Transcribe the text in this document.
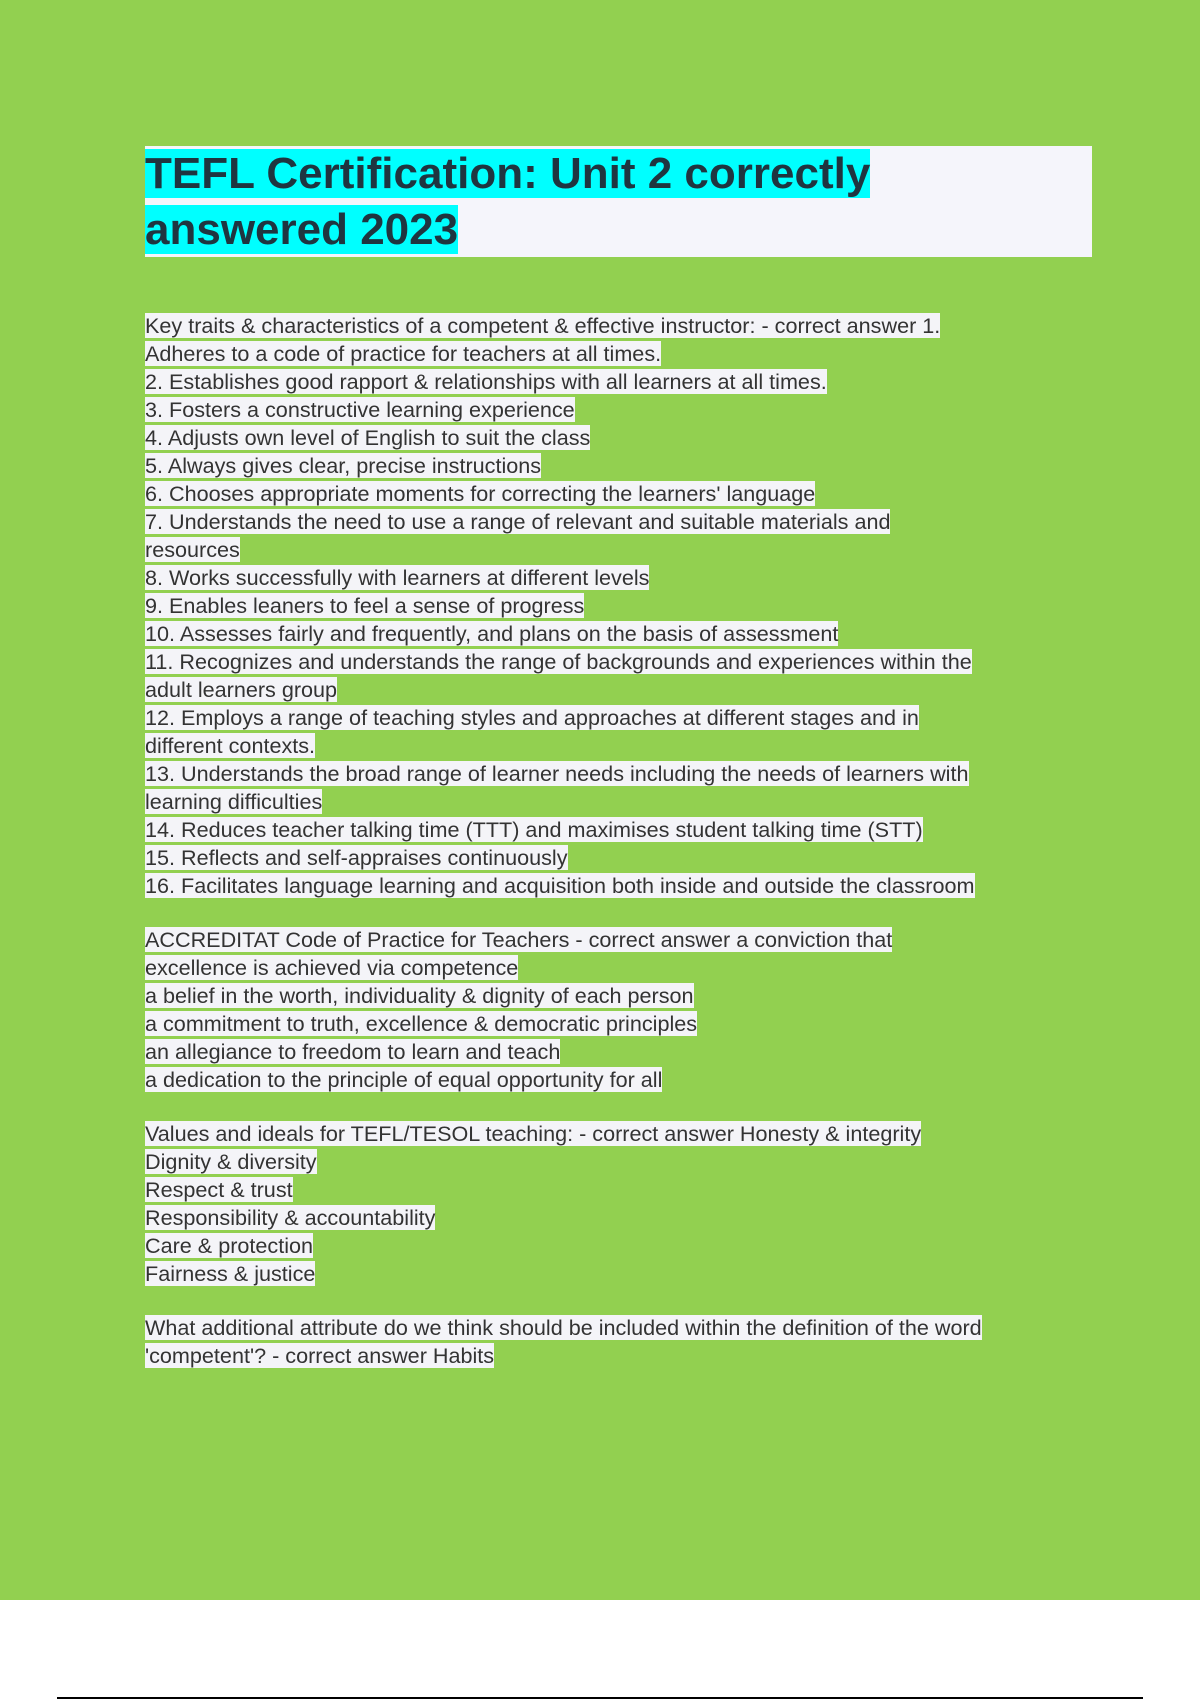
TEFL Certification: Unit 2 correctly
answered 2023
Key traits & characteristics of a competent & effective instructor: - correct answer 1.
Adheres to a code of practice for teachers at all times.
2. Establishes good rapport & relationships with all learners at all times.
3. Fosters a constructive learning experience
4. Adjusts own level of English to suit the class
5. Always gives clear, precise instructions
6. Chooses appropriate moments for correcting the learners' language
7. Understands the need to use a range of relevant and suitable materials and
resources
8. Works successfully with learners at different levels
9. Enables leaners to feel a sense of progress
10. Assesses fairly and frequently, and plans on the basis of assessment
11. Recognizes and understands the range of backgrounds and experiences within the
adult learners group
12. Employs a range of teaching styles and approaches at different stages and in
different contexts.
13. Understands the broad range of learner needs including the needs of learners with
learning difficulties
14. Reduces teacher talking time (TTT) and maximises student talking time (STT)
15. Reflects and self-appraises continuously
16. Facilitates language learning and acquisition both inside and outside the classroom
ACCREDITAT Code of Practice for Teachers - correct answer a conviction that
excellence is achieved via competence
a belief in the worth, individuality & dignity of each person
a commitment to truth, excellence & democratic principles
an allegiance to freedom to learn and teach
a dedication to the principle of equal opportunity for all
Values and ideals for TEFL/TESOL teaching: - correct answer Honesty & integrity
Dignity & diversity
Respect & trust
Responsibility & accountability
Care & protection
Fairness & justice
What additional attribute do we think should be included within the definition of the word
'competent'? - correct answer Habits
